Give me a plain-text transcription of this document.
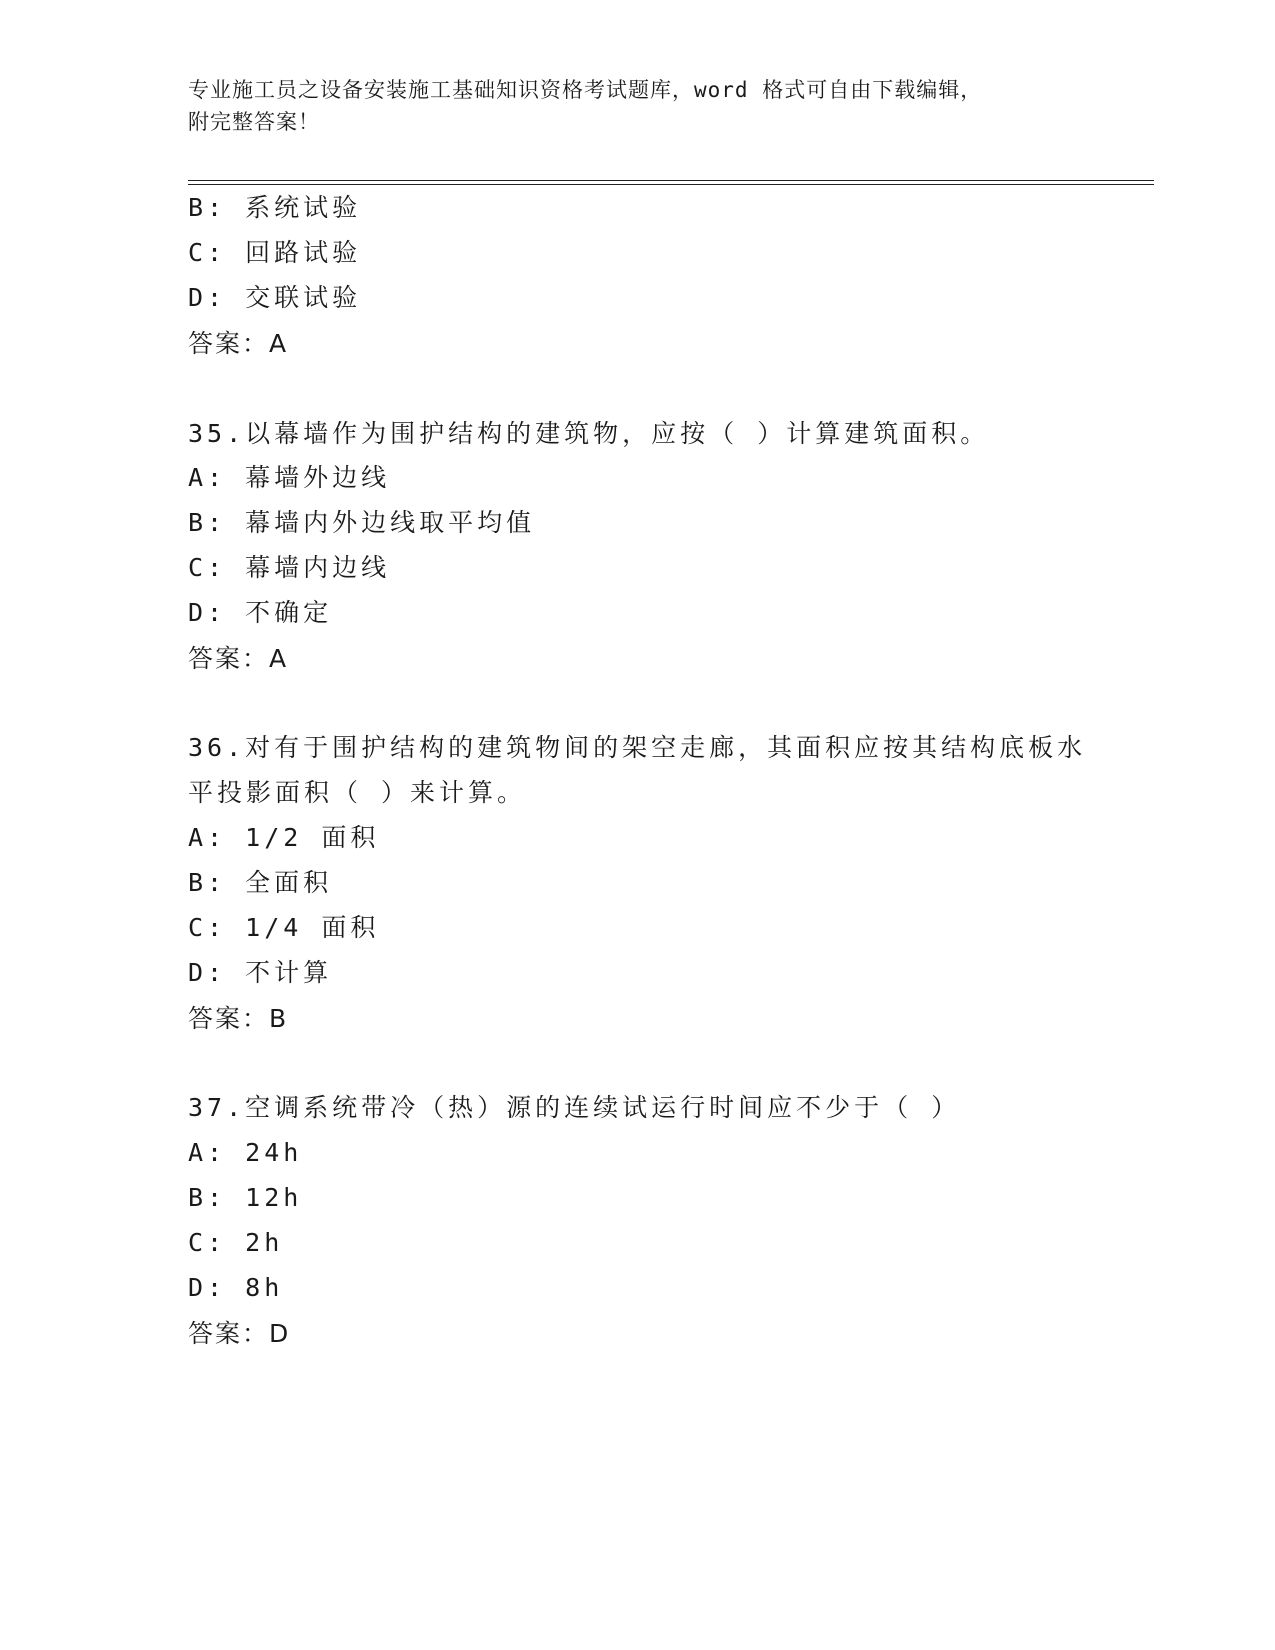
专业施工员之设备安装施工基础知识资格考试题库，word 格式可自由下载编辑，
附完整答案！
B: 系统试验
C: 回路试验
D: 交联试验
答案：A
35.以幕墙作为围护结构的建筑物，应按（ ）计算建筑面积。
A: 幕墙外边线
B: 幕墙内外边线取平均值
C: 幕墙内边线
D: 不确定
答案：A
36.对有于围护结构的建筑物间的架空走廊，其面积应按其结构底板水
平投影面积（ ）来计算。
A: 1/2 面积
B: 全面积
C: 1/4 面积
D: 不计算
答案：B
37.空调系统带冷（热）源的连续试运行时间应不少于（ ）
A: 24h
B: 12h
C: 2h
D: 8h
答案：D
